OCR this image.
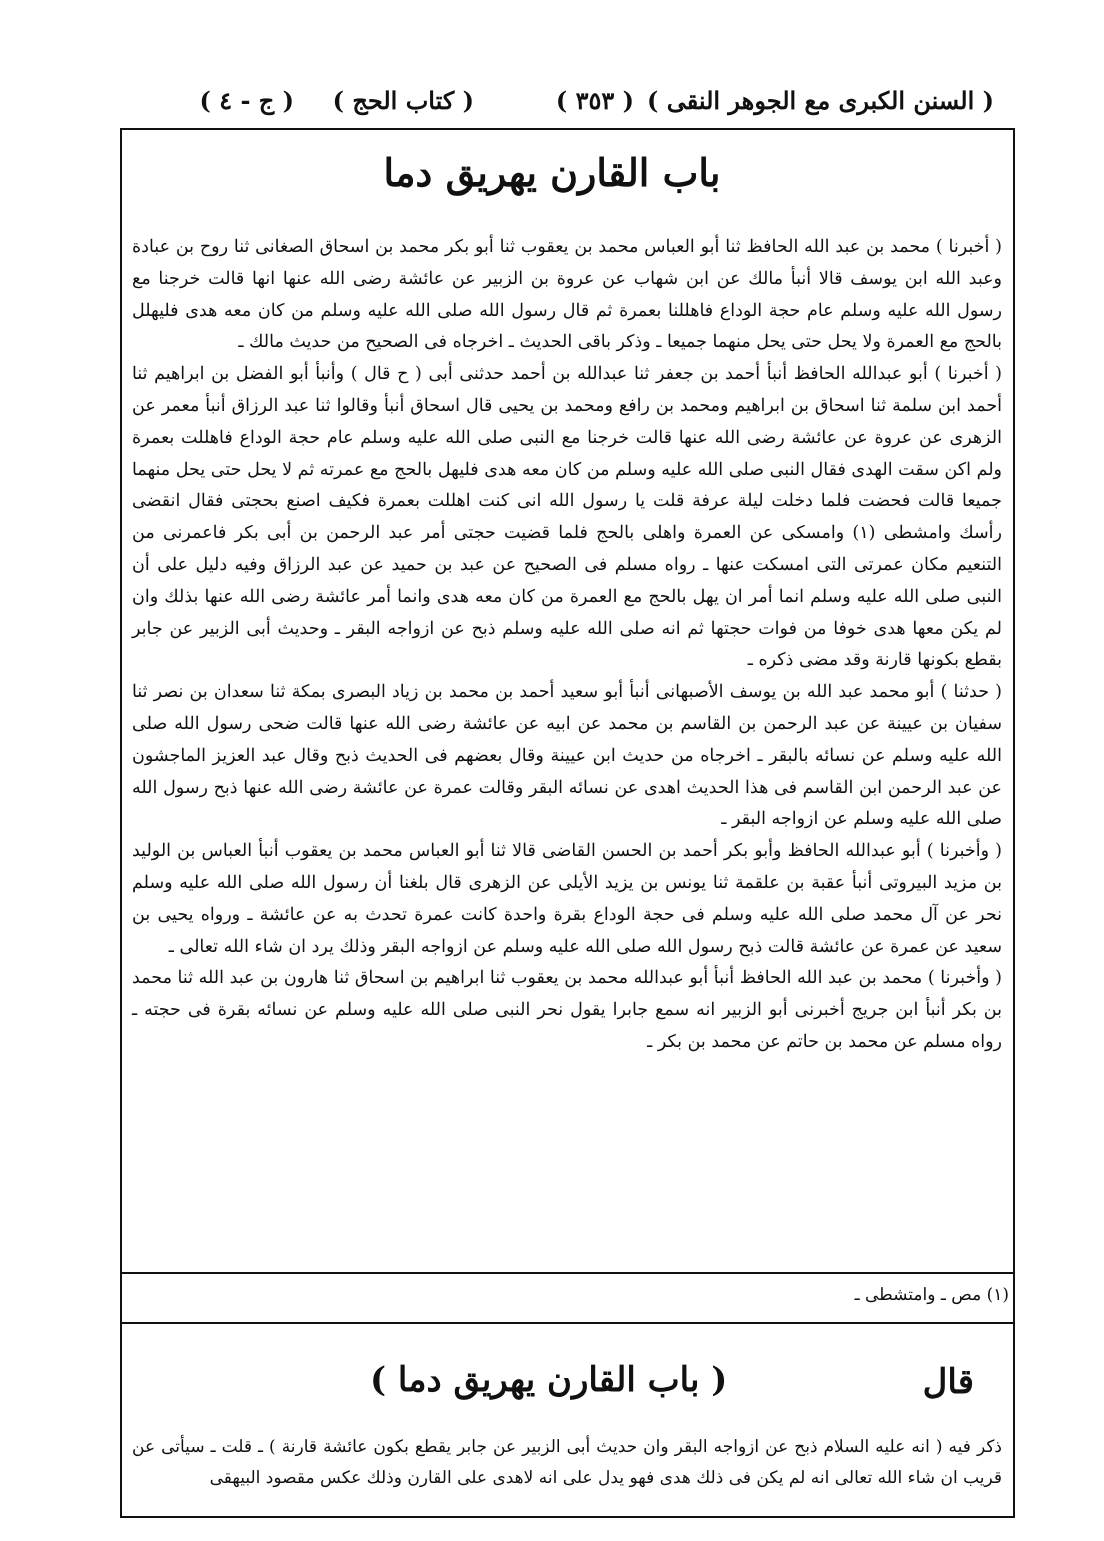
( السنن الكبرى مع الجوهر النقى )
( ٣٥٣ )
( كتاب الحج )
( ج - ٤ )
باب القارن يهريق دما

( أخبرنا ) محمد بن عبد الله الحافظ ثنا أبو العباس محمد بن يعقوب ثنا أبو بكر محمد بن اسحاق الصغانى ثنا روح بن عبادة وعبد الله ابن يوسف قالا أنبأ مالك عن ابن شهاب عن عروة بن الزبير عن عائشة رضى الله عنها انها قالت خرجنا مع رسول الله عليه وسلم عام حجة الوداع فاهللنا بعمرة ثم قال رسول الله صلى الله عليه وسلم من كان معه هدى فليهلل بالحج مع العمرة ولا يحل حتى يحل منهما جميعا ـ وذكر باقى الحديث ـ اخرجاه فى الصحيح من حديث مالك ـ

( أخبرنا ) أبو عبدالله الحافظ أنبأ أحمد بن جعفر ثنا عبدالله بن أحمد حدثنى أبى ( ح قال ) وأنبأ أبو الفضل بن ابراهيم ثنا أحمد ابن سلمة ثنا اسحاق بن ابراهيم ومحمد بن رافع ومحمد بن يحيى قال اسحاق أنبأ وقالوا ثنا عبد الرزاق أنبأ معمر عن الزهرى عن عروة عن عائشة رضى الله عنها قالت خرجنا مع النبى صلى الله عليه وسلم عام حجة الوداع فاهللت بعمرة ولم اكن سقت الهدى فقال النبى صلى الله عليه وسلم من كان معه هدى فليهل بالحج مع عمرته ثم لا يحل حتى يحل منهما جميعا قالت فحضت فلما دخلت ليلة عرفة قلت يا رسول الله انى كنت اهللت بعمرة فكيف اصنع بحجتى فقال انقضى رأسك وامشطى (١) وامسكى عن العمرة واهلى بالحج فلما قضيت حجتى أمر عبد الرحمن بن أبى بكر فاعمرنى من التنعيم مكان عمرتى التى امسكت عنها ـ رواه مسلم فى الصحيح عن عبد بن حميد عن عبد الرزاق وفيه دليل على أن النبى صلى الله عليه وسلم انما أمر ان يهل بالحج مع العمرة من كان معه هدى وانما أمر عائشة رضى الله عنها بذلك وان لم يكن معها هدى خوفا من فوات حجتها ثم انه صلى الله عليه وسلم ذبح عن ازواجه البقر ـ وحديث أبى الزبير عن جابر بقطع بكونها قارنة وقد مضى ذكره ـ

( حدثنا ) أبو محمد عبد الله بن يوسف الأصبهانى أنبأ أبو سعيد أحمد بن محمد بن زياد البصرى بمكة ثنا سعدان بن نصر ثنا سفيان بن عيينة عن عبد الرحمن بن القاسم بن محمد عن ابيه عن عائشة رضى الله عنها قالت ضحى رسول الله صلى الله عليه وسلم عن نسائه بالبقر ـ اخرجاه من حديث ابن عيينة وقال بعضهم فى الحديث ذبح وقال عبد العزيز الماجشون عن عبد الرحمن ابن القاسم فى هذا الحديث اهدى عن نسائه البقر وقالت عمرة عن عائشة رضى الله عنها ذبح رسول الله صلى الله عليه وسلم عن ازواجه البقر ـ

( وأخبرنا ) أبو عبدالله الحافظ وأبو بكر أحمد بن الحسن القاضى قالا ثنا أبو العباس محمد بن يعقوب أنبأ العباس بن الوليد بن مزيد البيروتى أنبأ عقبة بن علقمة ثنا يونس بن يزيد الأيلى عن الزهرى قال بلغنا أن رسول الله صلى الله عليه وسلم نحر عن آل محمد صلى الله عليه وسلم فى حجة الوداع بقرة واحدة كانت عمرة تحدث به عن عائشة ـ ورواه يحيى بن سعيد عن عمرة عن عائشة قالت ذبح رسول الله صلى الله عليه وسلم عن ازواجه البقر وذلك يرد ان شاء الله تعالى ـ

( وأخبرنا ) محمد بن عبد الله الحافظ أنبأ أبو عبدالله محمد بن يعقوب ثنا ابراهيم بن اسحاق ثنا هارون بن عبد الله ثنا محمد بن بكر أنبأ ابن جريج أخبرنى أبو الزبير انه سمع جابرا يقول نحر النبى صلى الله عليه وسلم عن نسائه بقرة فى حجته ـ رواه مسلم عن محمد بن حاتم عن محمد بن بكر ـ

(١) مص ـ وامتشطى ـ
قال
( باب القارن يهريق دما )
ذكر فيه ( انه عليه السلام ذبح عن ازواجه البقر وان حديث أبى الزبير عن جابر يقطع بكون عائشة قارنة ) ـ قلت ـ سيأتى عن قريب ان شاء الله تعالى انه لم يكن فى ذلك هدى فهو يدل على انه لاهدى على القارن وذلك عكس مقصود البيهقى
